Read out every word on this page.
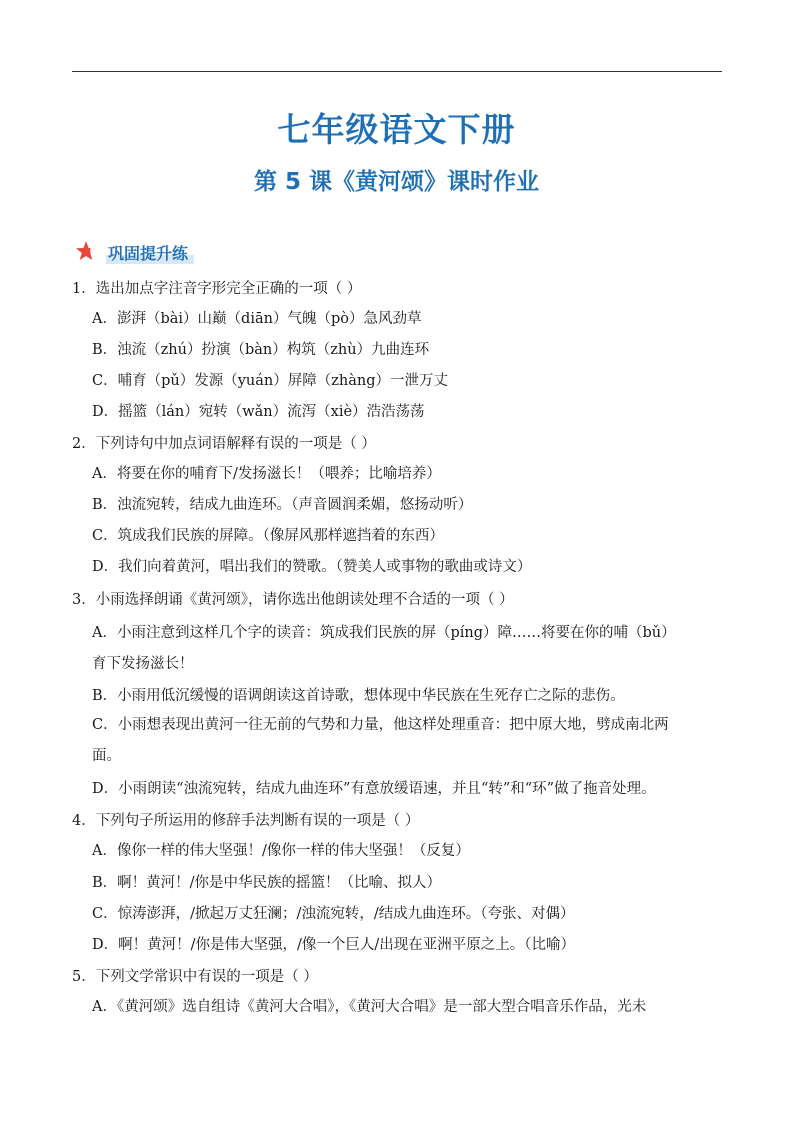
七年级语文下册
第 5 课《黄河颂》课时作业
巩固提升练
1．选出加点字注音字形完全正确的一项（ ）
A．澎湃（bài）山巅（diān）气魄（pò）急风劲草
B．浊流（zhú）扮演（bàn）构筑（zhù）九曲连环
C．哺育（pǔ）发源（yuán）屏障（zhàng）一泄万丈
D．摇篮（lán）宛转（wǎn）流泻（xiè）浩浩荡荡
2．下列诗句中加点词语解释有误的一项是（ ）
A．将要在你的哺育下/发扬滋长！（喂养；比喻培养）
B．浊流宛转，结成九曲连环。（声音圆润柔媚，悠扬动听）
C．筑成我们民族的屏障。（像屏风那样遮挡着的东西）
D．我们向着黄河，唱出我们的赞歌。（赞美人或事物的歌曲或诗文）
3．小雨选择朗诵《黄河颂》，请你选出他朗读处理不合适的一项（ ）
A．小雨注意到这样几个字的读音：筑成我们民族的屏（píng）障……将要在你的哺（bǔ）
育下发扬滋长！
B．小雨用低沉缓慢的语调朗读这首诗歌，想体现中华民族在生死存亡之际的悲伤。
C．小雨想表现出黄河一往无前的气势和力量，他这样处理重音：把中原大地，劈成南北两
面。
D．小雨朗读“浊流宛转，结成九曲连环”有意放缓语速，并且“转”和“环”做了拖音处理。
4．下列句子所运用的修辞手法判断有误的一项是（ ）
A．像你一样的伟大坚强！/像你一样的伟大坚强！（反复）
B．啊！黄河！/你是中华民族的摇篮！（比喻、拟人）
C．惊涛澎湃，/掀起万丈狂澜；/浊流宛转，/结成九曲连环。（夸张、对偶）
D．啊！黄河！/你是伟大坚强，/像一个巨人/出现在亚洲平原之上。（比喻）
5．下列文学常识中有误的一项是（ ）
A．《黄河颂》选自组诗《黄河大合唱》，《黄河大合唱》是一部大型合唱音乐作品，光未
